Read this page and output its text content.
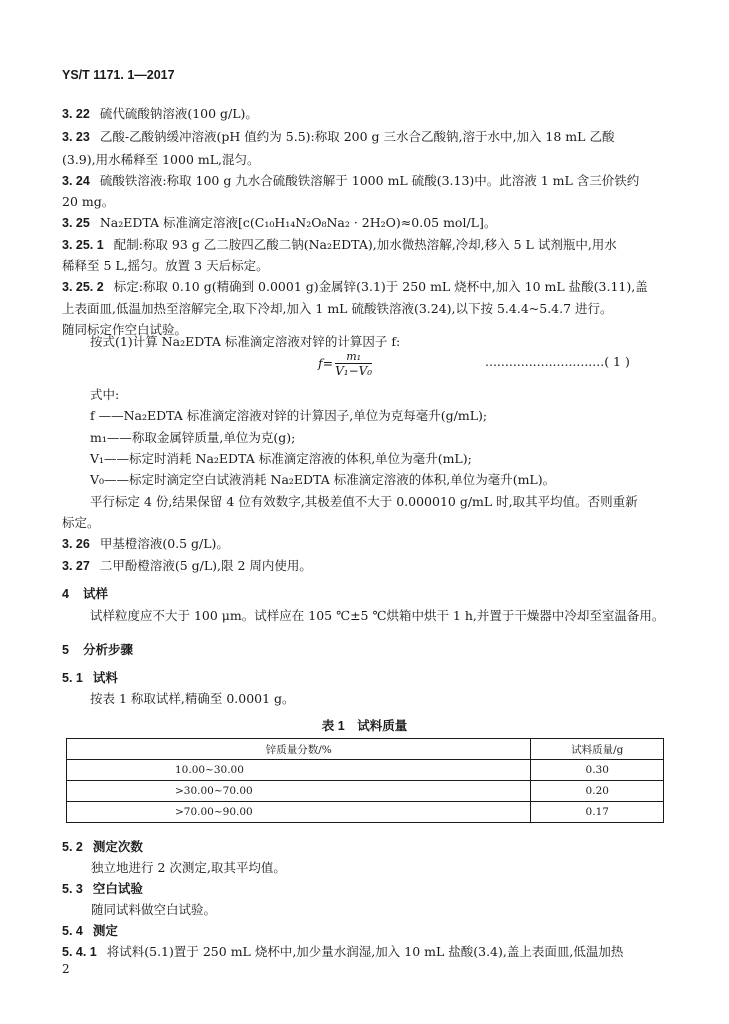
YS/T 1171. 1—2017
3. 22 硫代硫酸钠溶液(100 g/L)。
3. 23 乙酸-乙酸钠缓冲溶液(pH 值约为 5.5):称取 200 g 三水合乙酸钠,溶于水中,加入 18 mL 乙酸
(3.9),用水稀释至 1000 mL,混匀。
3. 24 硫酸铁溶液:称取 100 g 九水合硫酸铁溶解于 1000 mL 硫酸(3.13)中。此溶液 1 mL 含三价铁约
20 mg。
3. 25 Na₂EDTA 标准滴定溶液[c(C₁₀H₁₄N₂O₈Na₂ · 2H₂O)≈0.05 mol/L]。
3. 25. 1 配制:称取 93 g 乙二胺四乙酸二钠(Na₂EDTA),加水微热溶解,冷却,移入 5 L 试剂瓶中,用水
稀释至 5 L,摇匀。放置 3 天后标定。
3. 25. 2 标定:称取 0.10 g(精确到 0.0001 g)金属锌(3.1)于 250 mL 烧杯中,加入 10 mL 盐酸(3.11),盖
上表面皿,低温加热至溶解完全,取下冷却,加入 1 mL 硫酸铁溶液(3.24),以下按 5.4.4~5.4.7 进行。
随同标定作空白试验。
按式(1)计算 Na₂EDTA 标准滴定溶液对锌的计算因子 f:
$f= \frac{\text{m₁}}{\text{V₁−V₀}}$	..............................( 1 )
式中:
f ——Na₂EDTA 标准滴定溶液对锌的计算因子,单位为克每毫升(g/mL);
m₁——称取金属锌质量,单位为克(g);
V₁——标定时消耗 Na₂EDTA 标准滴定溶液的体积,单位为毫升(mL);
V₀——标定时滴定空白试液消耗 Na₂EDTA 标准滴定溶液的体积,单位为毫升(mL)。
平行标定 4 份,结果保留 4 位有效数字,其极差值不大于 0.000010 g/mL 时,取其平均值。否则重新
标定。
3. 26 甲基橙溶液(0.5 g/L)。
3. 27 二甲酚橙溶液(5 g/L),限 2 周内使用。
4 试样
试样粒度应不大于 100 μm。试样应在 105 ℃±5 ℃烘箱中烘干 1 h,并置于干燥器中冷却至室温备用。
5 分析步骤
5. 1 试料
按表 1 称取试样,精确至 0.0001 g。
表 1　试料质量
锌质量分数/%	试料质量/g
10.00~30.00	0.30
>30.00~70.00	0.20
>70.00~90.00	0.17
5. 2 测定次数
独立地进行 2 次测定,取其平均值。
5. 3 空白试验
随同试料做空白试验。
5. 4 测定
5. 4. 1 将试料(5.1)置于 250 mL 烧杯中,加少量水润湿,加入 10 mL 盐酸(3.4),盖上表面皿,低温加热
2
